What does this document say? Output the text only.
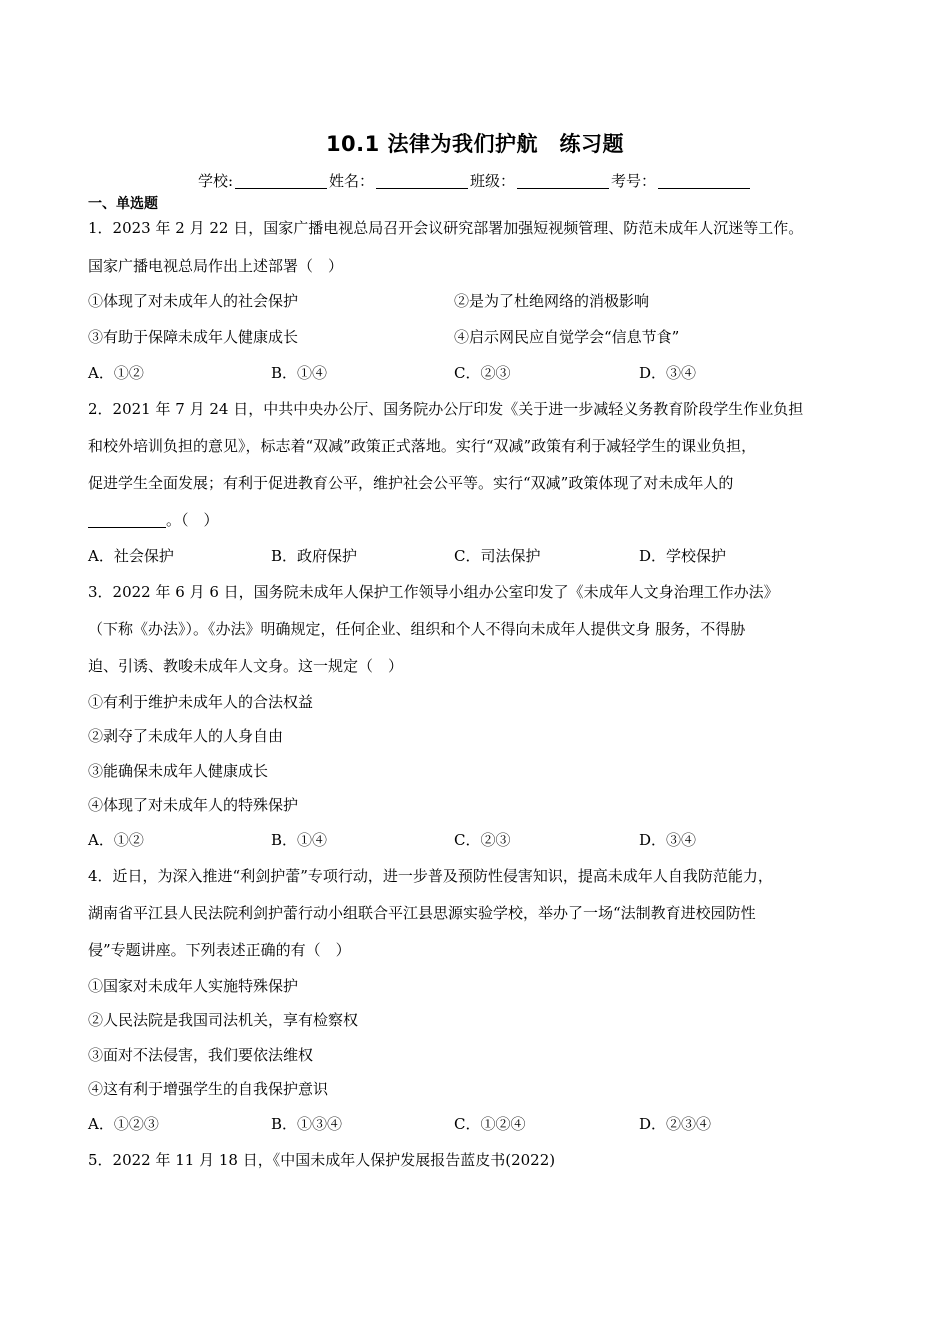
10.1 法律为我们护航　练习题
学校:	姓名：	班级：	考号：
一、单选题
1．2023 年 2 月 22 日，国家广播电视总局召开会议研究部署加强短视频管理、防范未成年人沉迷等工作。
国家广播电视总局作出上述部署（　）
①体现了对未成年人的社会保护	②是为了杜绝网络的消极影响
③有助于保障未成年人健康成长	④启示网民应自觉学会“信息节食”
A．①②	B．①④	C．②③	D．③④
2．2021 年 7 月 24 日，中共中央办公厅、国务院办公厅印发《关于进一步减轻义务教育阶段学生作业负担
和校外培训负担的意见》，标志着“双减”政策正式落地。实行“双减”政策有利于减轻学生的课业负担，
促进学生全面发展；有利于促进教育公平，维护社会公平等。实行“双减”政策体现了对未成年人的
。（　）
A．社会保护	B．政府保护	C．司法保护	D．学校保护
3．2022 年 6 月 6 日，国务院未成年人保护工作领导小组办公室印发了《未成年人文身治理工作办法》
（下称《办法》）。《办法》明确规定，任何企业、组织和个人不得向未成年人提供文身 服务，不得胁
迫、引诱、教唆未成年人文身。这一规定（　）
①有利于维护未成年人的合法权益
②剥夺了未成年人的人身自由
③能确保未成年人健康成长
④体现了对未成年人的特殊保护
A．①②	B．①④	C．②③	D．③④
4．近日，为深入推进“利剑护蕾”专项行动，进一步普及预防性侵害知识，提高未成年人自我防范能力，
湖南省平江县人民法院利剑护蕾行动小组联合平江县思源实验学校，举办了一场“法制教育进校园防性
侵”专题讲座。下列表述正确的有（　）
①国家对未成年人实施特殊保护
②人民法院是我国司法机关，享有检察权
③面对不法侵害，我们要依法维权
④这有利于增强学生的自我保护意识
A．①②③	B．①③④	C．①②④	D．②③④
5．2022 年 11 月 18 日，《中国未成年人保护发展报告蓝皮书(2022)
